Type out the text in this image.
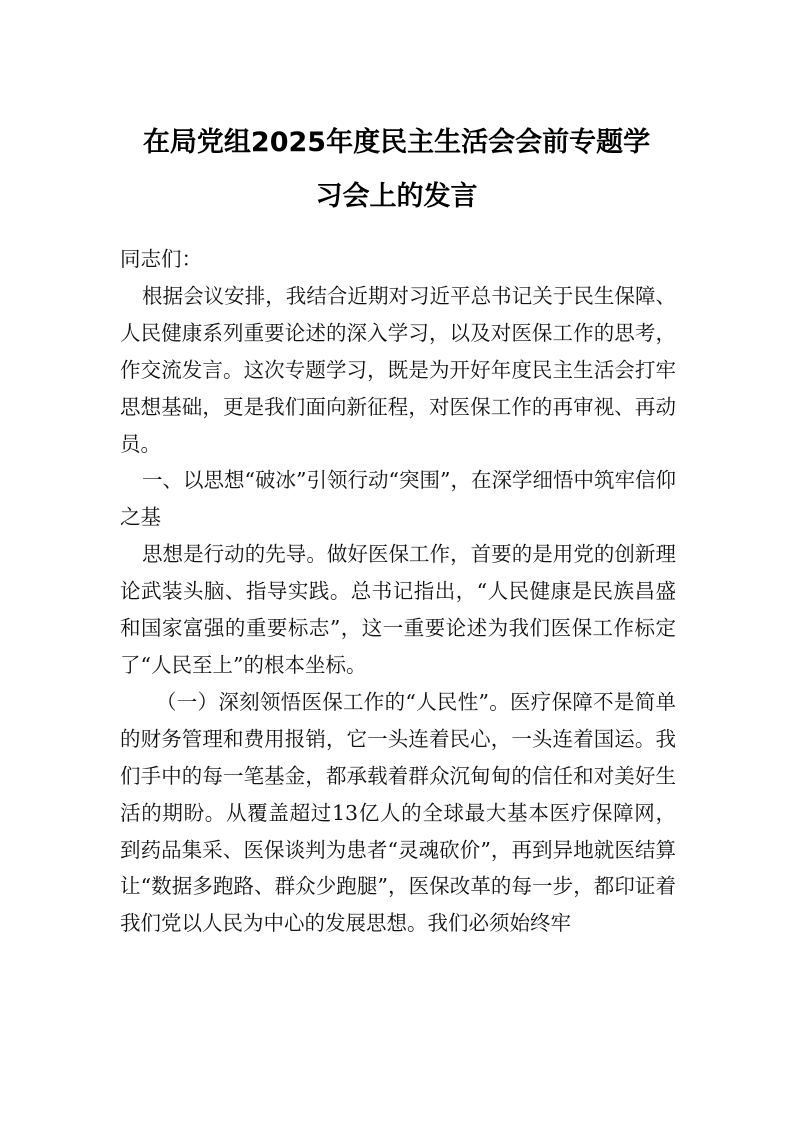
在局党组2025年度民主生活会会前专题学
习会上的发言

同志们：

根据会议安排，我结合近期对习近平总书记关于民生保障、人民健康系列重要论述的深入学习，以及对医保工作的思考，作交流发言。这次专题学习，既是为开好年度民主生活会打牢思想基础，更是我们面向新征程，对医保工作的再审视、再动员。

一、以思想“破冰”引领行动“突围”，在深学细悟中筑牢信仰之基

思想是行动的先导。做好医保工作，首要的是用党的创新理论武装头脑、指导实践。总书记指出，“人民健康是民族昌盛和国家富强的重要标志”，这一重要论述为我们医保工作标定了“人民至上”的根本坐标。

（一）深刻领悟医保工作的“人民性”。医疗保障不是简单的财务管理和费用报销，它一头连着民心，一头连着国运。我们手中的每一笔基金，都承载着群众沉甸甸的信任和对美好生活的期盼。从覆盖超过13亿人的全球最大基本医疗保障网，到药品集采、医保谈判为患者“灵魂砍价”，再到异地就医结算让“数据多跑路、群众少跑腿”，医保改革的每一步，都印证着我们党以人民为中心的发展思想。我们必须始终牢
